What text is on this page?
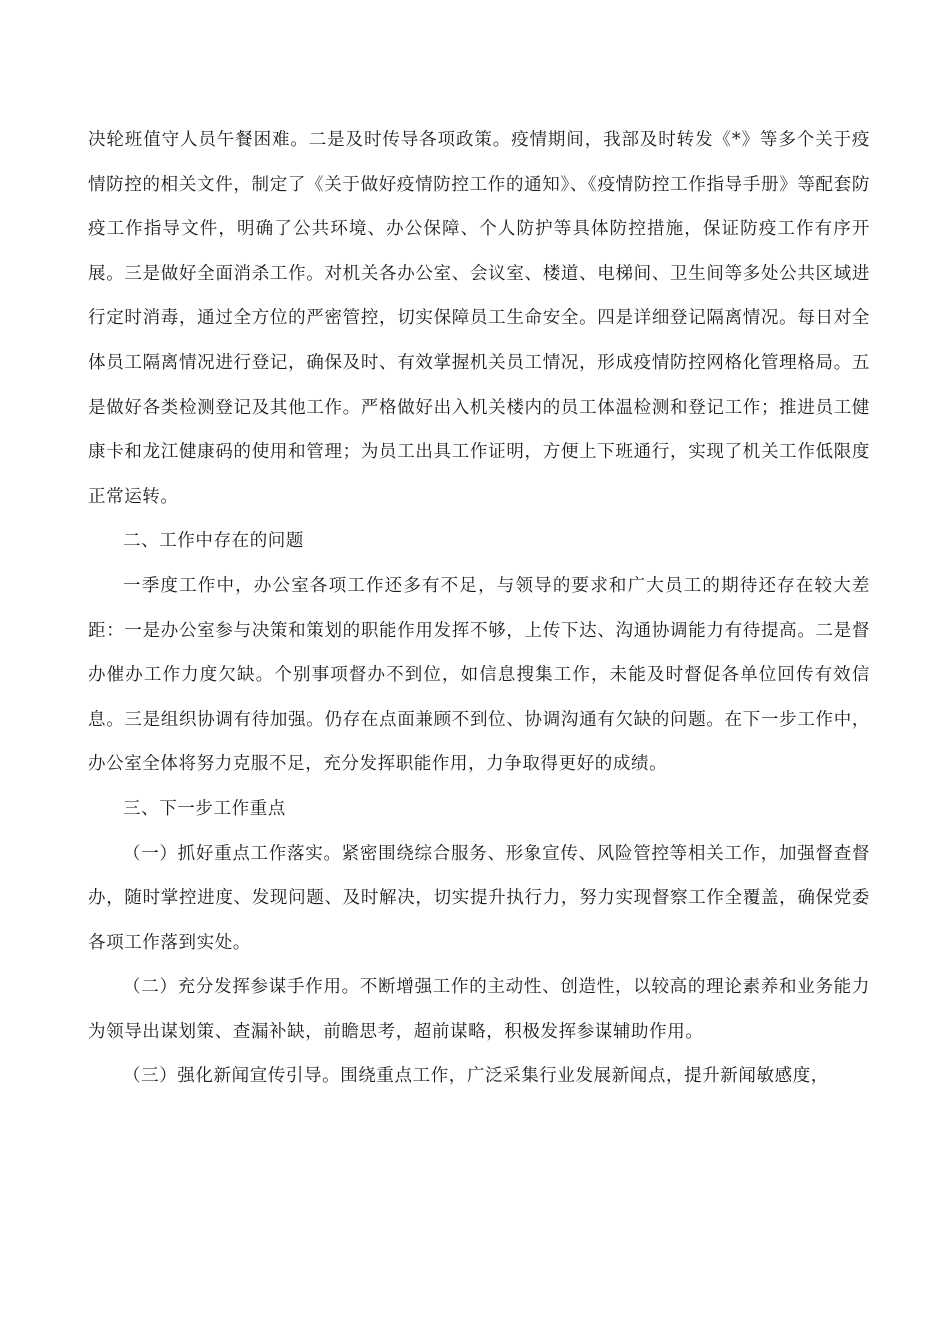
决轮班值守人员午餐困难。二是及时传导各项政策。疫情期间，我部及时转发《*》等多个关于疫情防控的相关文件，制定了《关于做好疫情防控工作的通知》、《疫情防控工作指导手册》等配套防疫工作指导文件，明确了公共环境、办公保障、个人防护等具体防控措施，保证防疫工作有序开展。三是做好全面消杀工作。对机关各办公室、会议室、楼道、电梯间、卫生间等多处公共区域进行定时消毒，通过全方位的严密管控，切实保障员工生命安全。四是详细登记隔离情况。每日对全体员工隔离情况进行登记，确保及时、有效掌握机关员工情况，形成疫情防控网格化管理格局。五是做好各类检测登记及其他工作。严格做好出入机关楼内的员工体温检测和登记工作；推进员工健康卡和龙江健康码的使用和管理；为员工出具工作证明，方便上下班通行，实现了机关工作低限度正常运转。

二、工作中存在的问题

一季度工作中，办公室各项工作还多有不足，与领导的要求和广大员工的期待还存在较大差距：一是办公室参与决策和策划的职能作用发挥不够，上传下达、沟通协调能力有待提高。二是督办催办工作力度欠缺。个别事项督办不到位，如信息搜集工作，未能及时督促各单位回传有效信息。三是组织协调有待加强。仍存在点面兼顾不到位、协调沟通有欠缺的问题。在下一步工作中，办公室全体将努力克服不足，充分发挥职能作用，力争取得更好的成绩。

三、下一步工作重点

（一）抓好重点工作落实。紧密围绕综合服务、形象宣传、风险管控等相关工作，加强督查督办，随时掌控进度、发现问题、及时解决，切实提升执行力，努力实现督察工作全覆盖，确保党委各项工作落到实处。

（二）充分发挥参谋手作用。不断增强工作的主动性、创造性，以较高的理论素养和业务能力为领导出谋划策、查漏补缺，前瞻思考，超前谋略，积极发挥参谋辅助作用。

（三）强化新闻宣传引导。围绕重点工作，广泛采集行业发展新闻点，提升新闻敏感度，
